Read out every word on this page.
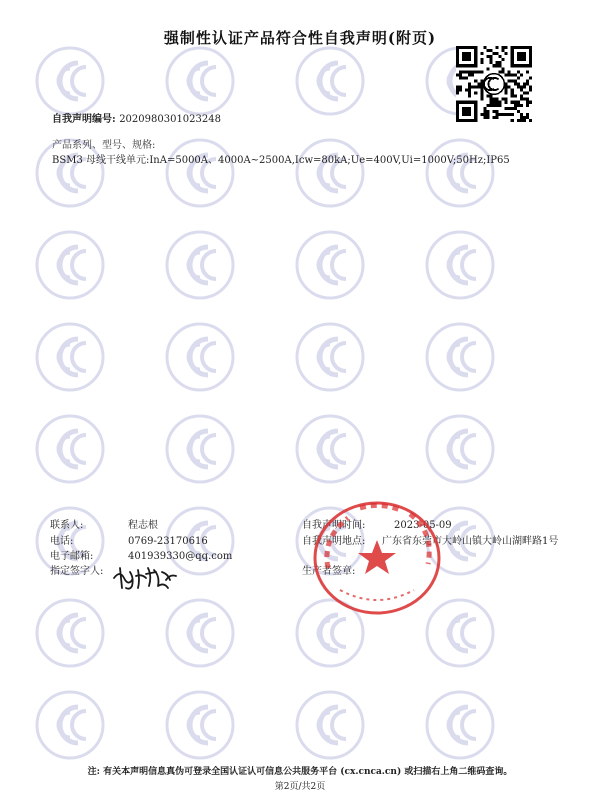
强制性认证产品符合性自我声明(附页)
自我声明编号: 2020980301023248
产品系列、型号、规格:
BSM3 母线干线单元:InA=5000A、4000A~2500A,Icw=80kA;Ue=400V,Ui=1000V;50Hz;IP65
联系人:	程志根
电话:	0769-23170616
电子邮箱:	401939330@qq.com
指定签字人:
自我声明时间:	2023-05-09
自我声明地点: 广东省东莞市大岭山镇大岭山湖畔路1号
生产者签章:
注: 有关本声明信息真伪可登录全国认证认可信息公共服务平台 (cx.cnca.cn) 或扫描右上角二维码查询。
第2页/共2页
